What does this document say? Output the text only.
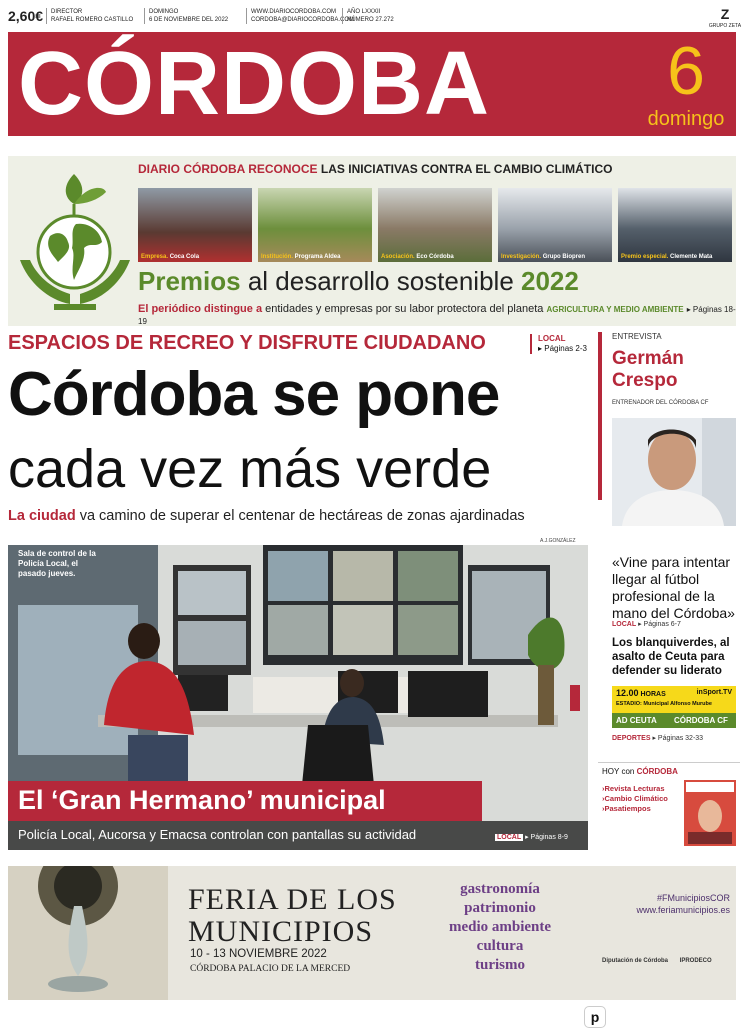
2,60€ DIRECTOR
RAFAEL ROMERO CASTILLO
DOMINGO
6 DE NOVIEMBRE DEL 2022
WWW.DIARIOCORDOBA.COM
CORDOBA@DIARIOCORDOBA.COM
AÑO LXXXII
NÚMERO 27.272	Z
GRUPO ZETA
CÓRDOBA	6
domingo
DIARIO CÓRDOBA RECONOCE LAS INICIATIVAS CONTRA EL CAMBIO CLIMÁTICO
Empresa. Coca Cola	Institución. Programa Aldea	Asociación. Eco Córdoba	Investigación. Grupo Biopren	Premio especial. Clemente Mata
Premios al desarrollo sostenible 2022
El periódico distingue a entidades y empresas por su labor protectora del planeta AGRICULTURA Y MEDIO AMBIENTE ▸ Páginas 18-19
ESPACIOS DE RECREO Y DISFRUTE CIUDADANO	LOCAL
▸ Páginas 2-3
Córdoba se pone
cada vez más verde
La ciudad va camino de superar el centenar de hectáreas de zonas ajardinadas
A.J.GONZÁLEZ
Sala de control de la Policía Local, el pasado jueves.
El ‘Gran Hermano’ municipal
Policía Local, Aucorsa y Emacsa controlan con pantallas su actividad	LOCAL ▸ Páginas 8-9
ENTREVISTA
Germán
Crespo
ENTRENADOR DEL CÓRDOBA CF
«Vine para intentar llegar al fútbol profesional de la mano del Córdoba»
LOCAL ▸ Páginas 6-7
Los blanquiverdes, al asalto de Ceuta para defender su liderato
12.00 HORAS	inSport.TV
ESTADIO: Municipal Alfonso Murube
AD CEUTA CÓRDOBA CF
DEPORTES ▸ Páginas 32-33
HOY con CÓRDOBA
›Revista Lecturas
›Cambio Climático
›Pasatiempos
FERIA DE LOS
MUNICIPIOS
10 - 13 NOVIEMBRE 2022
CÓRDOBA PALACIO DE LA MERCED
gastronomía
patrimonio
medio ambiente
cultura
turismo
#FMunicipiosCOR
www.feriamunicipios.es
Diputación de Córdoba IPRODECO
p
